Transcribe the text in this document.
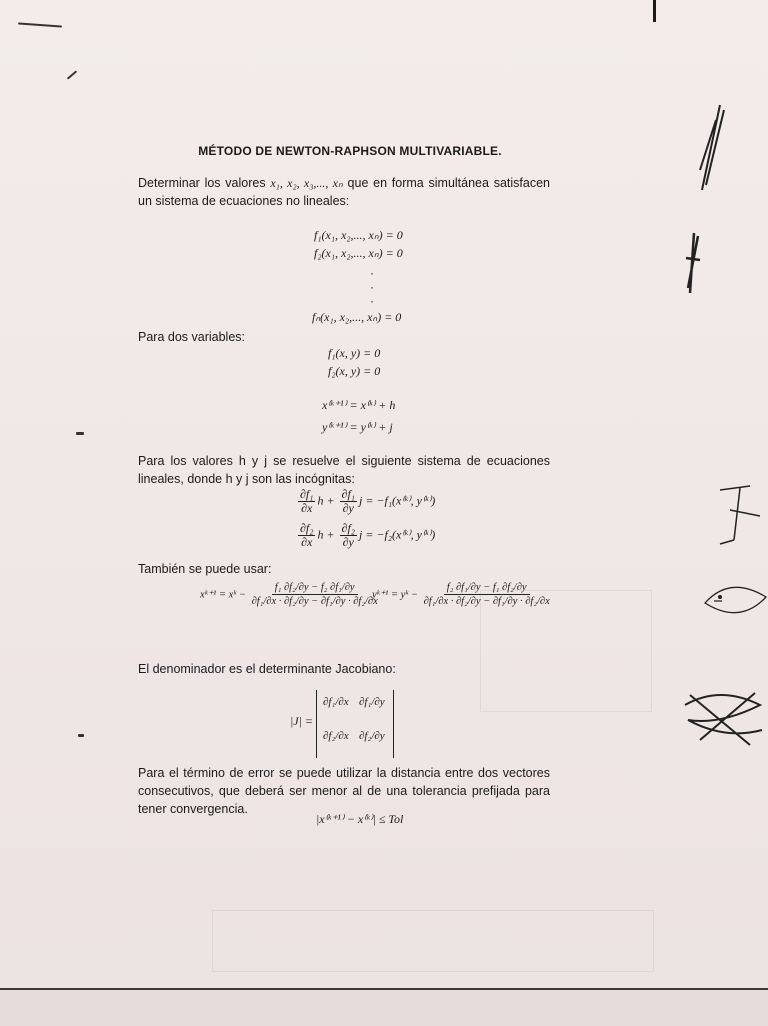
MÉTODO DE NEWTON-RAPHSON MULTIVARIABLE.
Determinar los valores x₁, x₂, x₃,..., xₙ que en forma simultánea satisfacen un sistema de ecuaciones no lineales:
f₁(x₁, x₂,..., xₙ) = 0
f₂(x₁, x₂,..., xₙ) = 0
·
·
·
fₙ(x₁, x₂,..., xₙ) = 0
Para dos variables:
f₁(x, y) = 0
f₂(x, y) = 0
x⁽ᵏ⁺¹⁾ = x⁽ᵏ⁾ + h
y⁽ᵏ⁺¹⁾ = y⁽ᵏ⁾ + j
Para los valores h y j se resuelve el siguiente sistema de ecuaciones lineales, donde h y j son las incógnitas:
$\frac{\text{∂f₁}}{\partial x}$ $h + \frac{\text{∂f₁}}{\partial y}$ j = −f₁(x⁽ᵏ⁾, y⁽ᵏ⁾)
$\frac{\text{∂f₂}}{\partial x}$ $h + \frac{\text{∂f₂}}{\partial y}$ j = −f₂(x⁽ᵏ⁾, y⁽ᵏ⁾)
También se puede usar:
xᵏ⁺¹ = xᵏ − $\frac{\text{f₁ ∂f₂/∂y − f₂ ∂f₁/∂y}}{\text{∂f₁/∂x · ∂f₂/∂y − ∂f₁/∂y · ∂f₂/∂x}}$
yᵏ⁺¹ = yᵏ − $\frac{\text{f₂ ∂f₁/∂y − f₁ ∂f₂/∂y}}{\text{∂f₁/∂x · ∂f₂/∂y − ∂f₁/∂y · ∂f₂/∂x}}$
El denominador es el determinante Jacobiano:
|J| =
∂f₁/∂x ∂f₁/∂y
∂f₂/∂x ∂f₂/∂y
Para el término de error se puede utilizar la distancia entre dos vectores consecutivos, que deberá ser menor al de una tolerancia prefijada para tener convergencia.
|x⁽ᵏ⁺¹⁾ − x⁽ᵏ⁾| ≤ Tol
